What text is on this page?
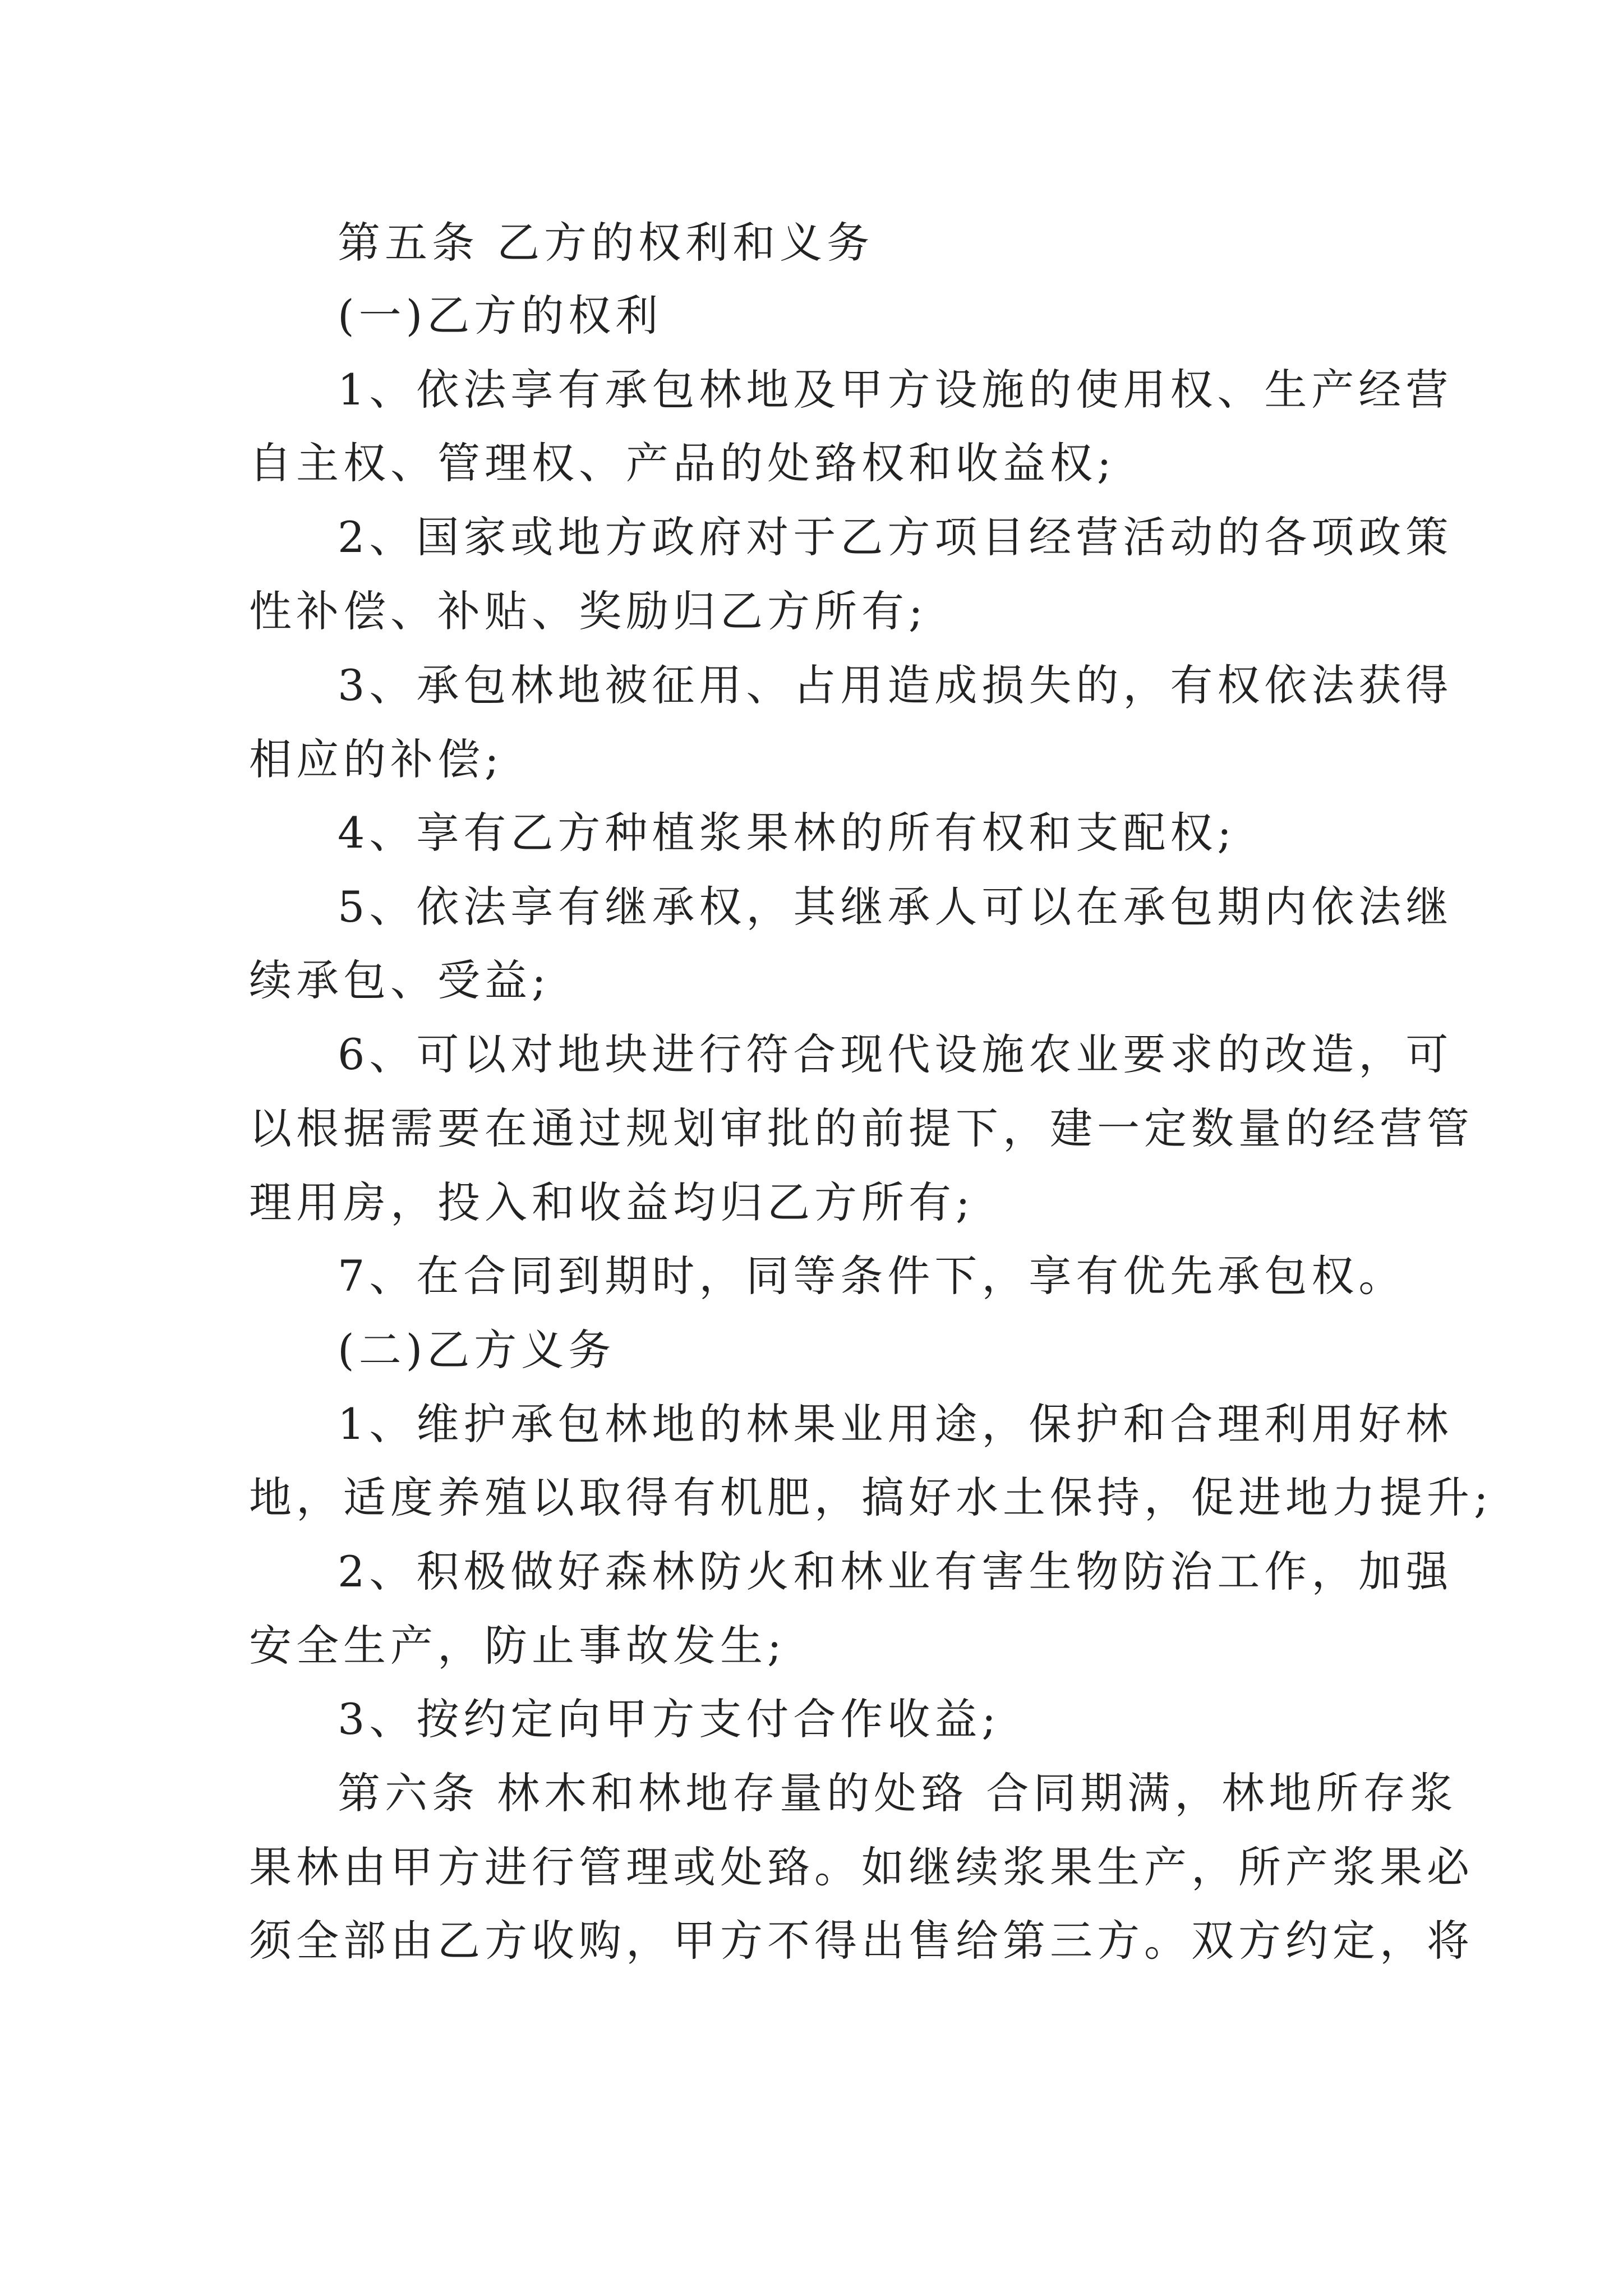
第五条 乙方的权利和义务
(一)乙方的权利
1、依法享有承包林地及甲方设施的使用权、生产经营
自主权、管理权、产品的处臵权和收益权;
2、国家或地方政府对于乙方项目经营活动的各项政策
性补偿、补贴、奖励归乙方所有;
3、承包林地被征用、占用造成损失的，有权依法获得
相应的补偿;
4、享有乙方种植浆果林的所有权和支配权;
5、依法享有继承权，其继承人可以在承包期内依法继
续承包、受益;
6、可以对地块进行符合现代设施农业要求的改造，可
以根据需要在通过规划审批的前提下，建一定数量的经营管
理用房，投入和收益均归乙方所有;
7、在合同到期时，同等条件下，享有优先承包权。
(二)乙方义务
1、维护承包林地的林果业用途，保护和合理利用好林
地，适度养殖以取得有机肥，搞好水土保持，促进地力提升;
2、积极做好森林防火和林业有害生物防治工作，加强
安全生产，防止事故发生;
3、按约定向甲方支付合作收益;
第六条 林木和林地存量的处臵 合同期满，林地所存浆
果林由甲方进行管理或处臵。如继续浆果生产，所产浆果必
须全部由乙方收购，甲方不得出售给第三方。双方约定，将
